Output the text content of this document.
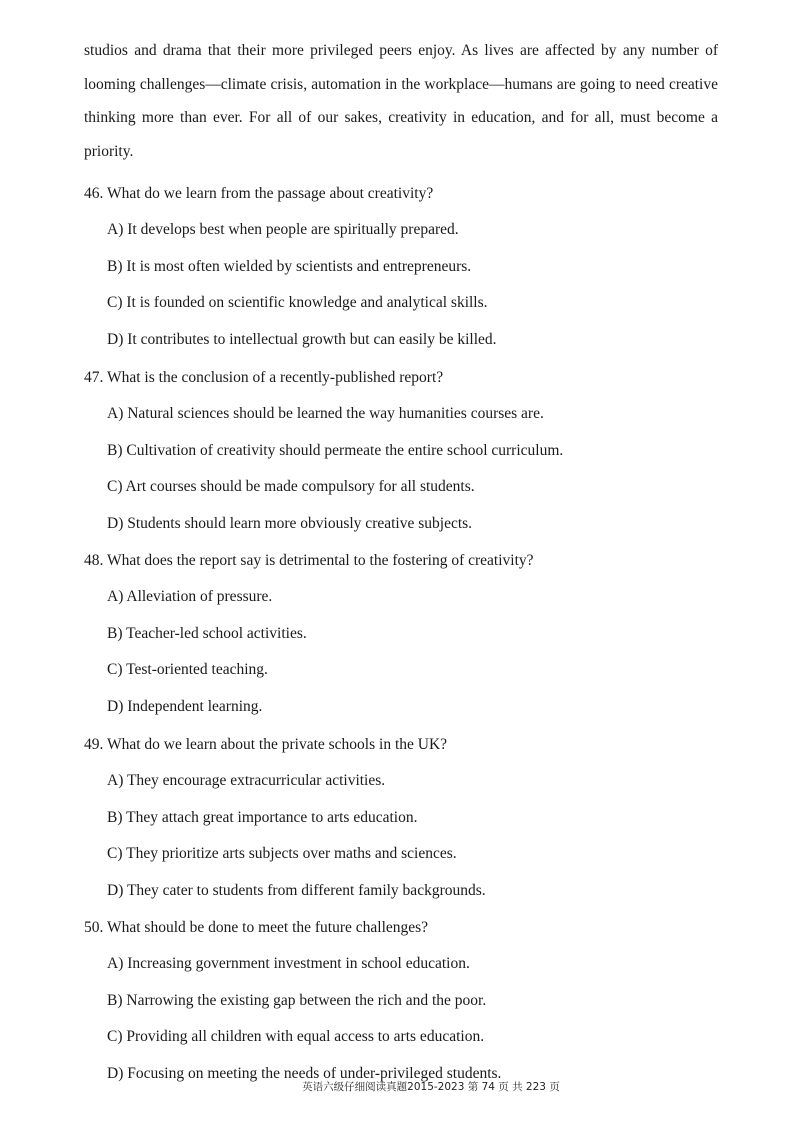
studios and drama that their more privileged peers enjoy. As lives are affected by any number of looming challenges—climate crisis, automation in the workplace—humans are going to need creative thinking more than ever. For all of our sakes, creativity in education, and for all, must become a priority.

46. What do we learn from the passage about creativity?

A) It develops best when people are spiritually prepared.
B) It is most often wielded by scientists and entrepreneurs.
C) It is founded on scientific knowledge and analytical skills.
D) It contributes to intellectual growth but can easily be killed.

47. What is the conclusion of a recently-published report?

A) Natural sciences should be learned the way humanities courses are.
B) Cultivation of creativity should permeate the entire school curriculum.
C) Art courses should be made compulsory for all students.
D) Students should learn more obviously creative subjects.

48. What does the report say is detrimental to the fostering of creativity?

A) Alleviation of pressure.
B) Teacher-led school activities.
C) Test-oriented teaching.
D) Independent learning.

49. What do we learn about the private schools in the UK?

A) They encourage extracurricular activities.
B) They attach great importance to arts education.
C) They prioritize arts subjects over maths and sciences.
D) They cater to students from different family backgrounds.

50. What should be done to meet the future challenges?

A) Increasing government investment in school education.
B) Narrowing the existing gap between the rich and the poor.
C) Providing all children with equal access to arts education.
D) Focusing on meeting the needs of under-privileged students.
英语六级仔细阅读真题2015-2023 第 74 页 共 223 页
